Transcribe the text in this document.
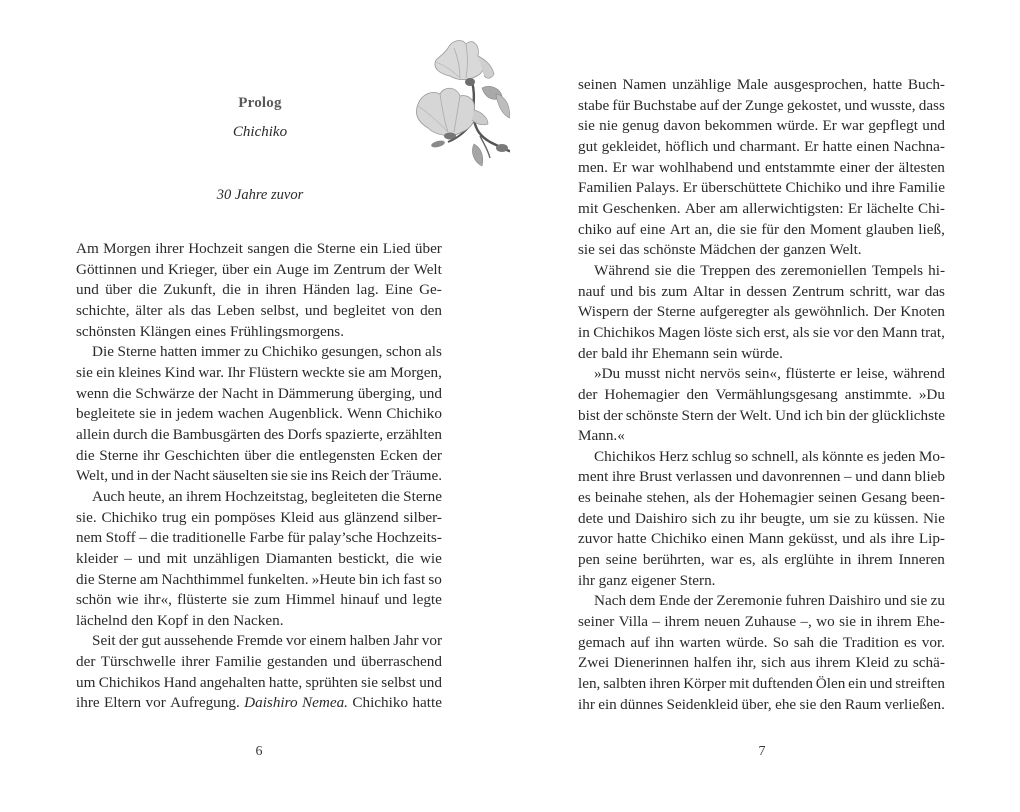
Prolog
Chichiko
30 Jahre zuvor
Am Morgen ihrer Hochzeit sangen die Sterne ein Lied über
Göttinnen und Krieger, über ein Auge im Zentrum der Welt
und über die Zukunft, die in ihren Händen lag. Eine Ge-
schichte, älter als das Leben selbst, und begleitet von den
schönsten Klängen eines Frühlingsmorgens.
Die Sterne hatten immer zu Chichiko gesungen, schon als
sie ein kleines Kind war. Ihr Flüstern weckte sie am Morgen,
wenn die Schwärze der Nacht in Dämmerung überging, und
begleitete sie in jedem wachen Augenblick. Wenn Chichiko
allein durch die Bambusgärten des Dorfs spazierte, erzählten
die Sterne ihr Geschichten über die entlegensten Ecken der
Welt, und in der Nacht säuselten sie sie ins Reich der Träume.
Auch heute, an ihrem Hochzeitstag, begleiteten die Sterne
sie. Chichiko trug ein pompöses Kleid aus glänzend silber-
nem Stoff – die traditionelle Farbe für palay’sche Hochzeits-
kleider – und mit unzähligen Diamanten bestickt, die wie
die Sterne am Nachthimmel funkelten. »Heute bin ich fast so
schön wie ihr«, flüsterte sie zum Himmel hinauf und legte
lächelnd den Kopf in den Nacken.
Seit der gut aussehende Fremde vor einem halben Jahr vor
der Türschwelle ihrer Familie gestanden und überraschend
um Chichikos Hand angehalten hatte, sprühten sie selbst und
ihre Eltern vor Aufregung. Daishiro Nemea. Chichiko hatte
6
seinen Namen unzählige Male ausgesprochen, hatte Buch-
stabe für Buchstabe auf der Zunge gekostet, und wusste, dass
sie nie genug davon bekommen würde. Er war gepflegt und
gut gekleidet, höflich und charmant. Er hatte einen Nachna-
men. Er war wohlhabend und entstammte einer der ältesten
Familien Palays. Er überschüttete Chichiko und ihre Familie
mit Geschenken. Aber am allerwichtigsten: Er lächelte Chi-
chiko auf eine Art an, die sie für den Moment glauben ließ,
sie sei das schönste Mädchen der ganzen Welt.
Während sie die Treppen des zeremoniellen Tempels hi-
nauf und bis zum Altar in dessen Zentrum schritt, war das
Wispern der Sterne aufgeregter als gewöhnlich. Der Knoten
in Chichikos Magen löste sich erst, als sie vor den Mann trat,
der bald ihr Ehemann sein würde.
»Du musst nicht nervös sein«, flüsterte er leise, während
der Hohemagier den Vermählungsgesang anstimmte. »Du
bist der schönste Stern der Welt. Und ich bin der glücklichste
Mann.«
Chichikos Herz schlug so schnell, als könnte es jeden Mo-
ment ihre Brust verlassen und davonrennen – und dann blieb
es beinahe stehen, als der Hohemagier seinen Gesang been-
dete und Daishiro sich zu ihr beugte, um sie zu küssen. Nie
zuvor hatte Chichiko einen Mann geküsst, und als ihre Lip-
pen seine berührten, war es, als erglühte in ihrem Inneren
ihr ganz eigener Stern.
Nach dem Ende der Zeremonie fuhren Daishiro und sie zu
seiner Villa – ihrem neuen Zuhause –, wo sie in ihrem Ehe-
gemach auf ihn warten würde. So sah die Tradition es vor.
Zwei Dienerinnen halfen ihr, sich aus ihrem Kleid zu schä-
len, salbten ihren Körper mit duftenden Ölen ein und streiften
ihr ein dünnes Seidenkleid über, ehe sie den Raum verließen.
7
